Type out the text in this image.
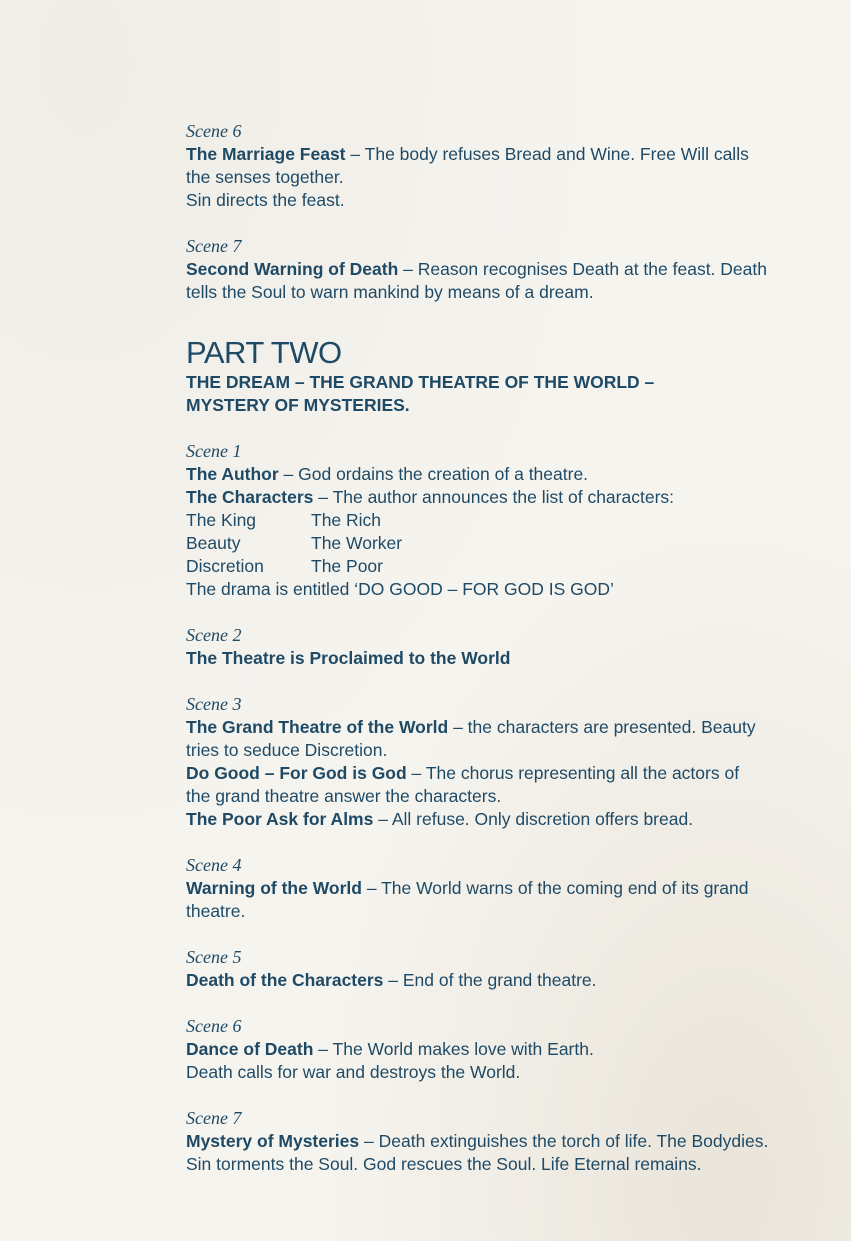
Scene 6
The Marriage Feast – The body refuses Bread and Wine. Free Will calls
the senses together.
Sin directs the feast.
Scene 7
Second Warning of Death – Reason recognises Death at the feast. Death
tells the Soul to warn mankind by means of a dream.
PART TWO
THE DREAM – THE GRAND THEATRE OF THE WORLD –
MYSTERY OF MYSTERIES.
Scene 1
The Author – God ordains the creation of a theatre.
The Characters – The author announces the list of characters:
The King	The Rich
Beauty	The Worker
Discretion	The Poor
The drama is entitled ‘DO GOOD – FOR GOD IS GOD’
Scene 2
The Theatre is Proclaimed to the World
Scene 3
The Grand Theatre of the World – the characters are presented. Beauty
tries to seduce Discretion.
Do Good – For God is God – The chorus representing all the actors of
the grand theatre answer the characters.
The Poor Ask for Alms – All refuse. Only discretion offers bread.
Scene 4
Warning of the World – The World warns of the coming end of its grand
theatre.
Scene 5
Death of the Characters – End of the grand theatre.
Scene 6
Dance of Death – The World makes love with Earth.
Death calls for war and destroys the World.
Scene 7
Mystery of Mysteries – Death extinguishes the torch of life. The Bodydies.
Sin torments the Soul. God rescues the Soul. Life Eternal remains.
